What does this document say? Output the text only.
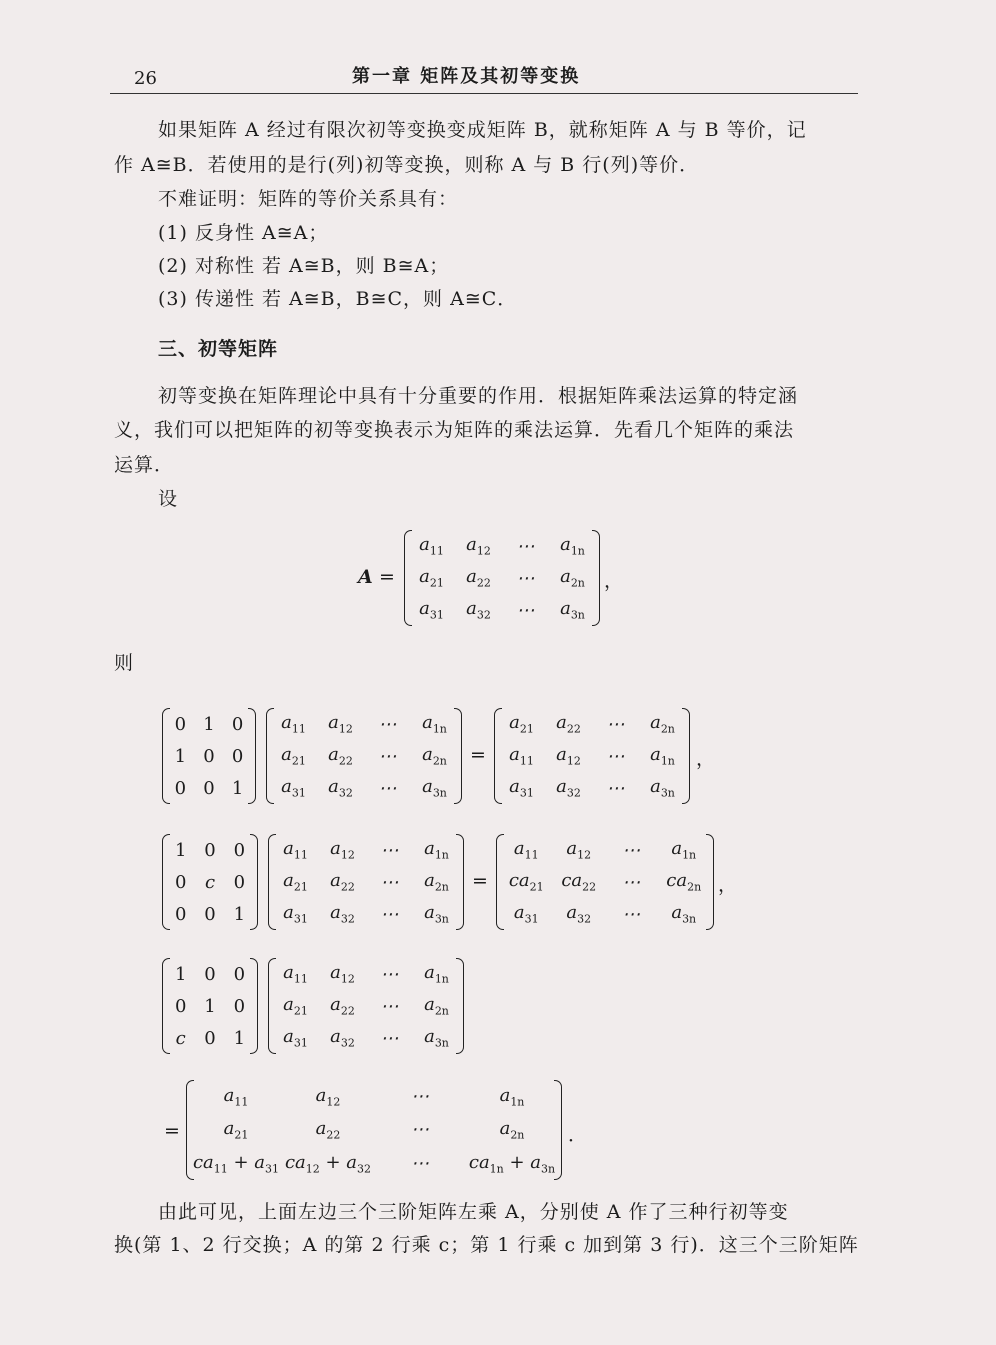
26	第一章 矩阵及其初等变换
如果矩阵 A 经过有限次初等变换变成矩阵 B，就称矩阵 A 与 B 等价，记
作 A≅B．若使用的是行(列)初等变换，则称 A 与 B 行(列)等价．
不难证明：矩阵的等价关系具有：
(1) 反身性 A≅A；
(2) 对称性 若 A≅B，则 B≅A；
(3) 传递性 若 A≅B，B≅C，则 A≅C．
三、初等矩阵
初等变换在矩阵理论中具有十分重要的作用．根据矩阵乘法运算的特定涵
义，我们可以把矩阵的初等变换表示为矩阵的乘法运算．先看几个矩阵的乘法
运算．
设
A =
$a_{11}$ $a_{12}$ ⋯ $a_{1n}$
$a_{21}$ $a_{22}$ ⋯ $a_{2n}$
$a_{31}$ $a_{32}$ ⋯ $a_{3n}$
，
则
0 1 0
1 0 0
0 0 1
$a_{11}$ $a_{12}$ ⋯ $a_{1n}$
$a_{21}$ $a_{22}$ ⋯ $a_{2n}$
$a_{31}$ $a_{32}$ ⋯ $a_{3n}$
=
$a_{21}$ $a_{22}$ ⋯ $a_{2n}$
$a_{11}$ $a_{12}$ ⋯ $a_{1n}$
$a_{31}$ $a_{32}$ ⋯ $a_{3n}$
，
1 0 0
0 c 0
0 0 1
$a_{11}$ $a_{12}$ ⋯ $a_{1n}$
$a_{21}$ $a_{22}$ ⋯ $a_{2n}$
$a_{31}$ $a_{32}$ ⋯ $a_{3n}$
=
$a_{11}$ $a_{12}$ ⋯ $a_{1n}$
$ca_{21}$ $ca_{22}$ ⋯ $ca_{2n}$
$a_{31}$ $a_{32}$ ⋯ $a_{3n}$
，
1 0 0
0 1 0
c 0 1
$a_{11}$ $a_{12}$ ⋯ $a_{1n}$
$a_{21}$ $a_{22}$ ⋯ $a_{2n}$
$a_{31}$ $a_{32}$ ⋯ $a_{3n}$
=
$a_{11}$	$a_{12}$	⋯	$a_{1n}$
$a_{21}$	$a_{22}$	⋯	$a_{2n}$
$ca_{11} + a_{31}$ $ca_{12} + a_{32}$ ⋯ $ca_{1n} + a_{3n}$
．
由此可见，上面左边三个三阶矩阵左乘 A，分别使 A 作了三种行初等变
换(第 1、2 行交换；A 的第 2 行乘 c；第 1 行乘 c 加到第 3 行)．这三个三阶矩阵
